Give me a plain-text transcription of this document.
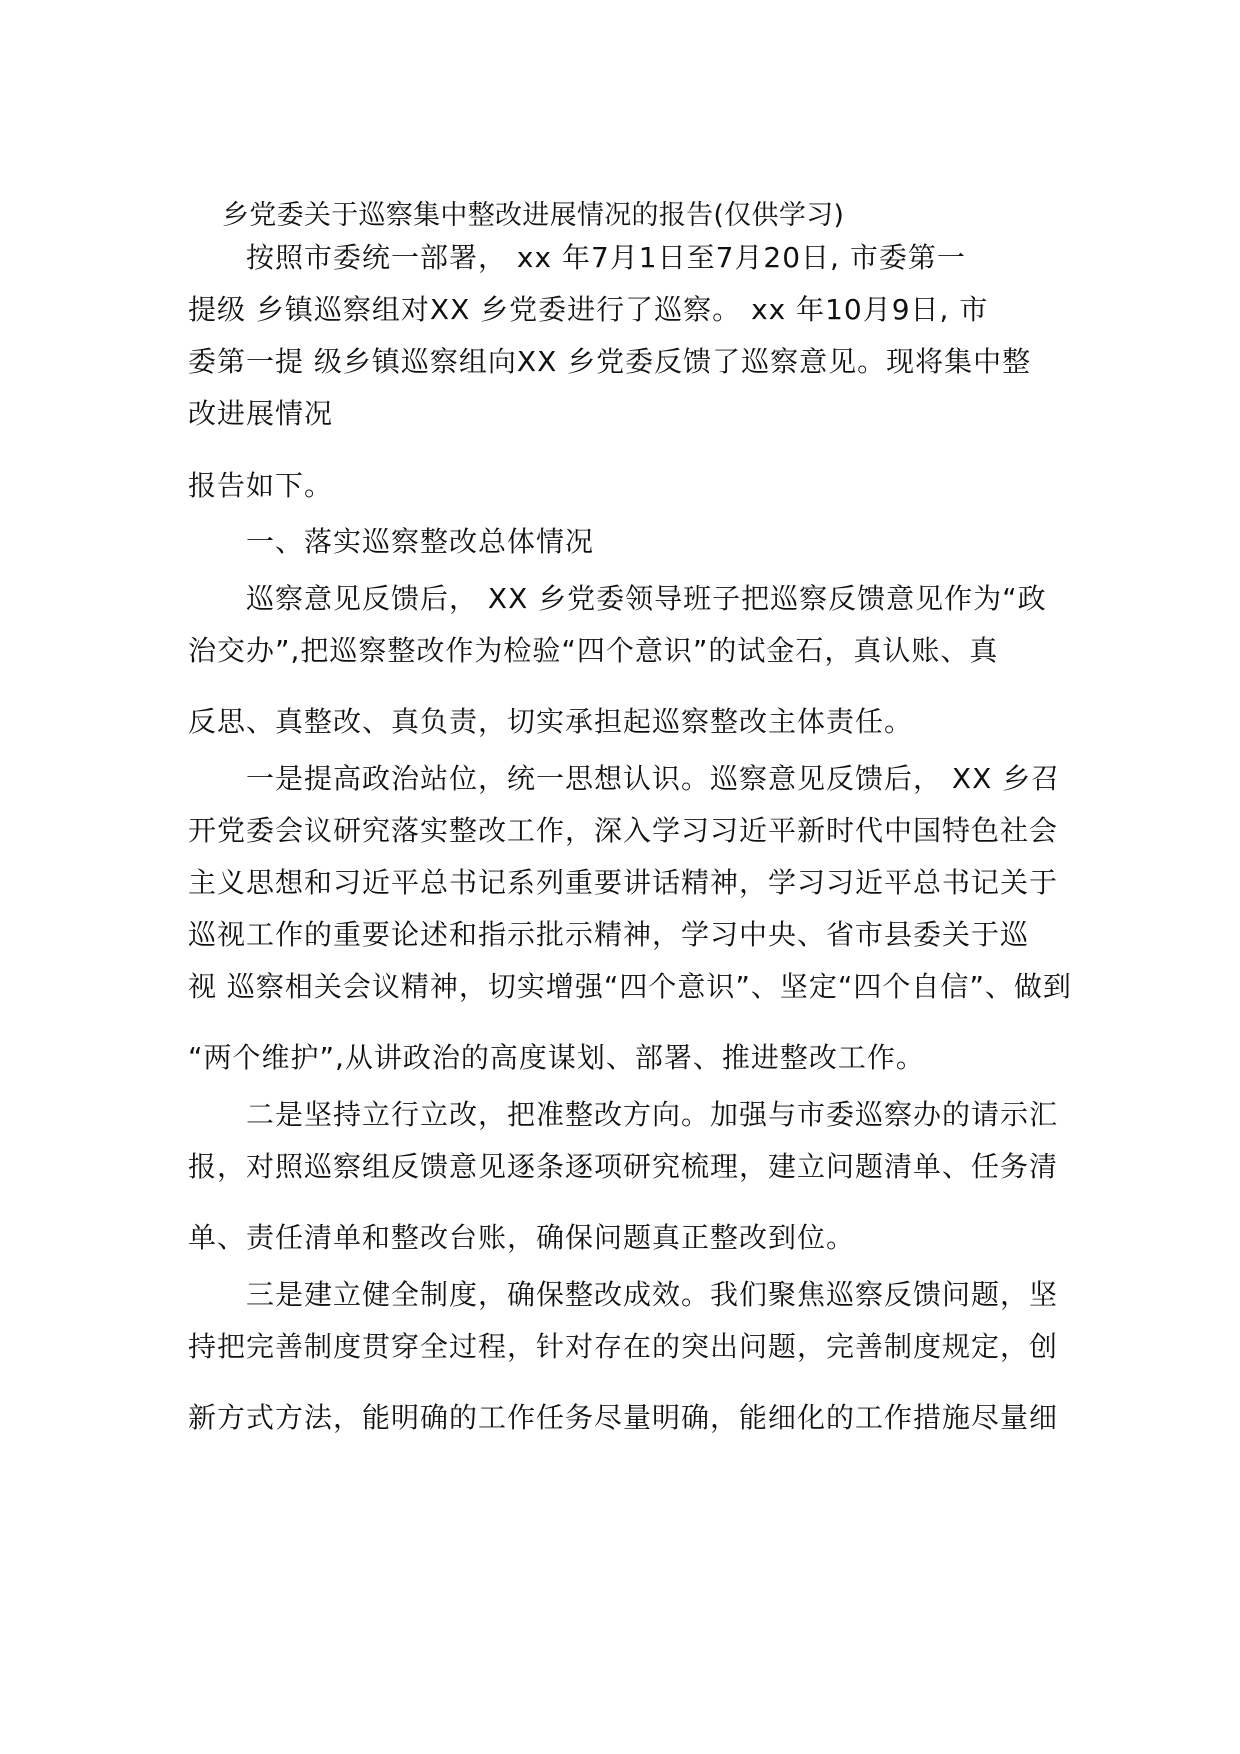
乡党委关于巡察集中整改进展情况的报告(仅供学习)
按照市委统一部署， xx 年7月1日至7月20日, 市委第一
提级 乡镇巡察组对XX 乡党委进行了巡察。 xx 年10月9日, 市
委第一提 级乡镇巡察组向XX 乡党委反馈了巡察意见。现将集中整
改进展情况
报告如下。
一、落实巡察整改总体情况
巡察意见反馈后， XX 乡党委领导班子把巡察反馈意见作为“政
治交办”,把巡察整改作为检验“四个意识”的试金石，真认账、真
反思、真整改、真负责，切实承担起巡察整改主体责任。
一是提高政治站位，统一思想认识。巡察意见反馈后， XX 乡召
开党委会议研究落实整改工作，深入学习习近平新时代中国特色社会
主义思想和习近平总书记系列重要讲话精神，学习习近平总书记关于
巡视工作的重要论述和指示批示精神，学习中央、省市县委关于巡
视 巡察相关会议精神，切实增强“四个意识”、坚定“四个自信”、做到
“两个维护”,从讲政治的高度谋划、部署、推进整改工作。
二是坚持立行立改，把准整改方向。加强与市委巡察办的请示汇
报，对照巡察组反馈意见逐条逐项研究梳理，建立问题清单、任务清
单、责任清单和整改台账，确保问题真正整改到位。
三是建立健全制度，确保整改成效。我们聚焦巡察反馈问题，坚
持把完善制度贯穿全过程，针对存在的突出问题，完善制度规定，创
新方式方法，能明确的工作任务尽量明确，能细化的工作措施尽量细
